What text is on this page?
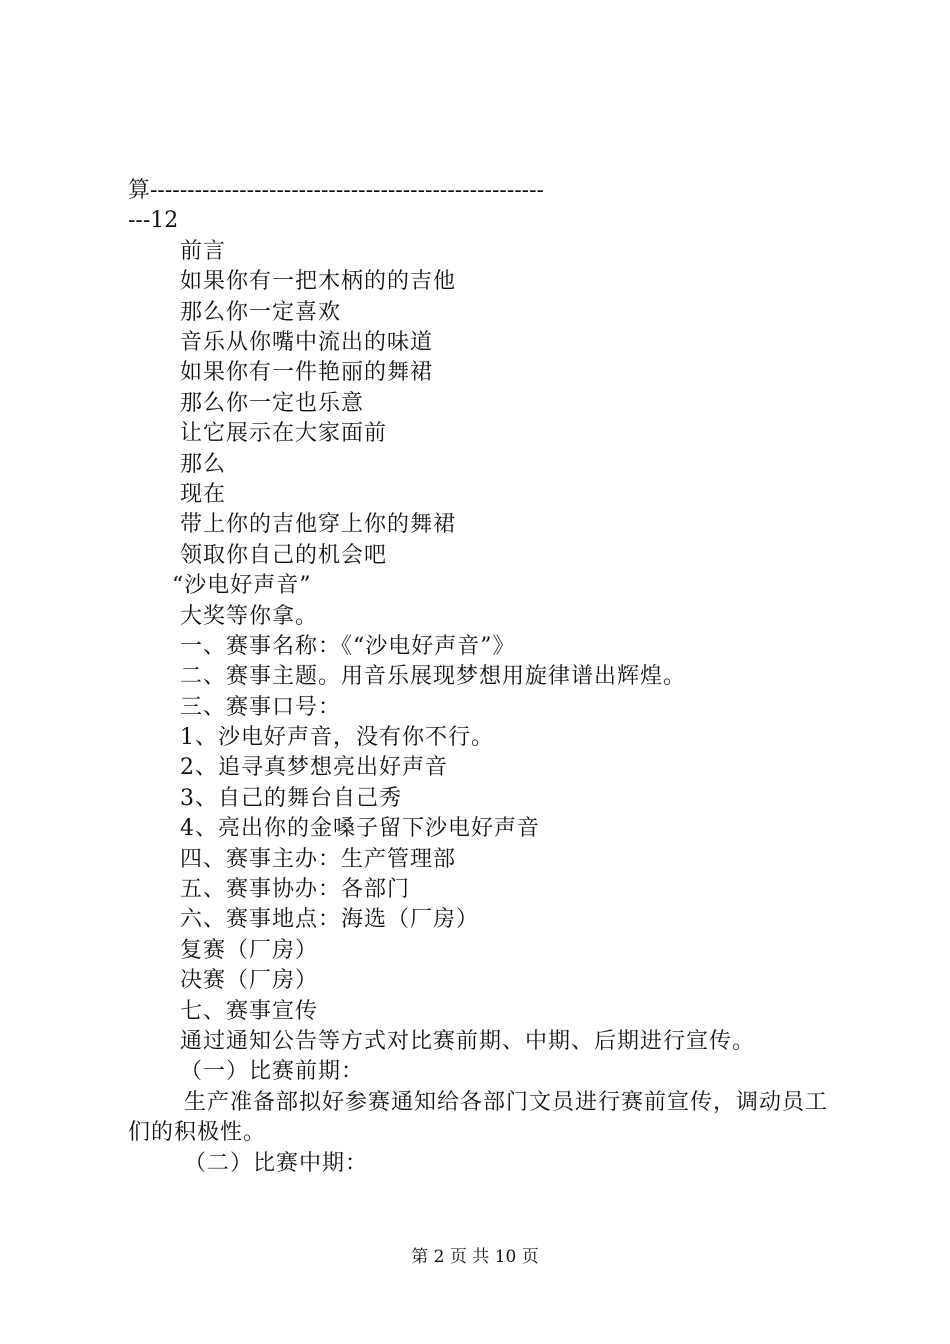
算-----------------------------------------------------
---12
前言
如果你有一把木柄的的吉他
那么你一定喜欢
音乐从你嘴中流出的味道
如果你有一件艳丽的舞裙
那么你一定也乐意
让它展示在大家面前
那么
现在
带上你的吉他穿上你的舞裙
领取你自己的机会吧
“沙电好声音”
大奖等你拿。
一、赛事名称：《“沙电好声音”》
二、赛事主题。用音乐展现梦想用旋律谱出辉煌。
三、赛事口号：
1、沙电好声音，没有你不行。
2、追寻真梦想亮出好声音
3、自己的舞台自己秀
4、亮出你的金嗓子留下沙电好声音
四、赛事主办：生产管理部
五、赛事协办：各部门
六、赛事地点：海选（厂房）
复赛（厂房）
决赛（厂房）
七、赛事宣传
通过通知公告等方式对比赛前期、中期、后期进行宣传。
（一）比赛前期：
生产准备部拟好参赛通知给各部门文员进行赛前宣传，调动员工们的积极性。
（二）比赛中期：
第 2 页 共 10 页
